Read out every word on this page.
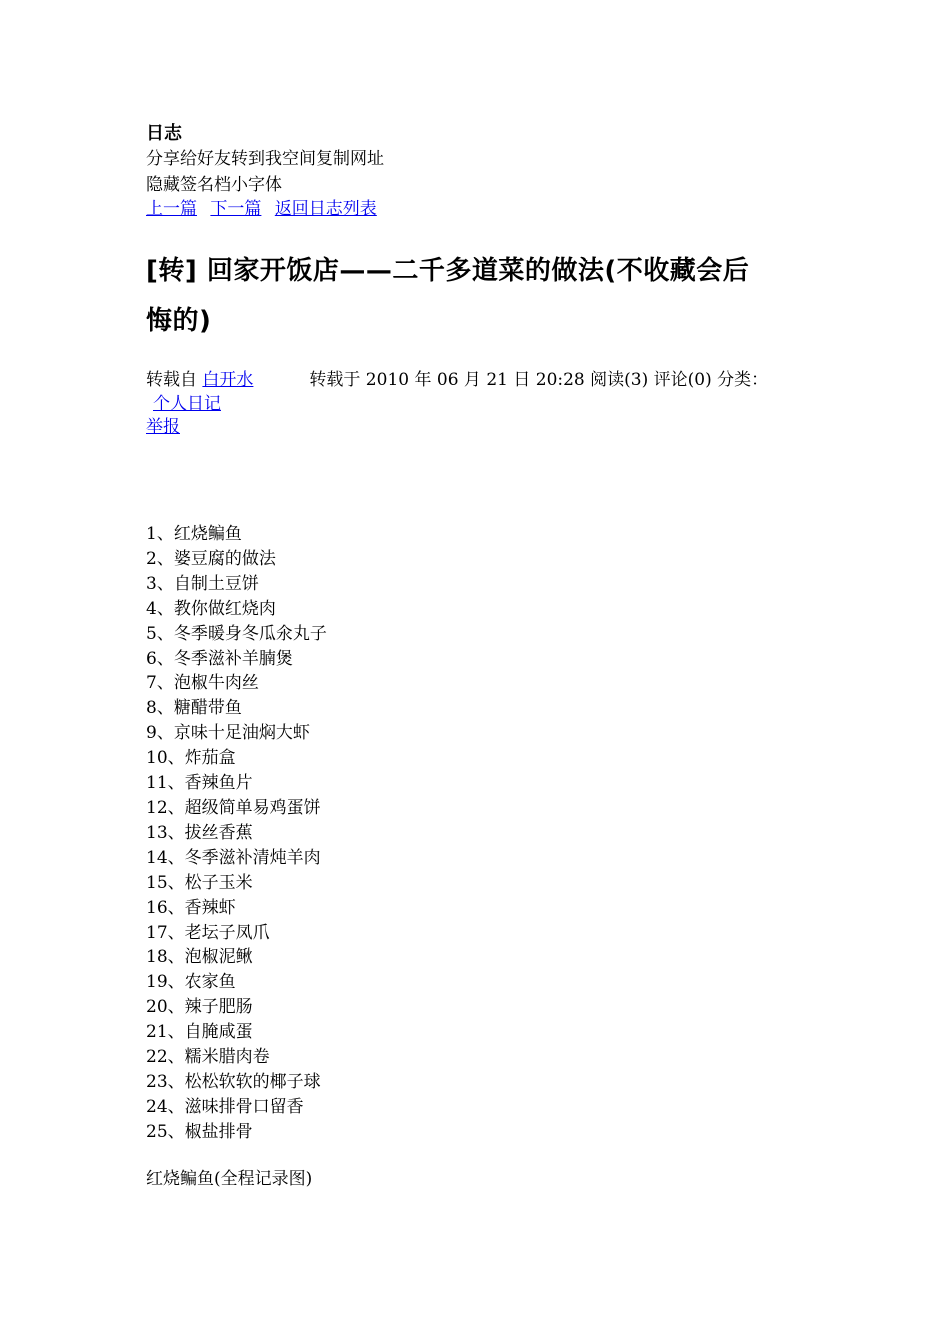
日志
分享给好友转到我空间复制网址
隐藏签名档小字体
上一篇 下一篇 返回日志列表
[转] 回家开饭店——二千多道菜的做法(不收藏会后
悔的)
转载自 白开水	转载于 2010 年 06 月 21 日 20:28 阅读(3) 评论(0) 分类：
个人日记
举报
1 、 红烧鳊鱼
2 、 婆豆腐的做法
3 、 自制土豆饼
4 、 教你做红烧肉
5 、 冬季暖身冬瓜氽丸子
6 、 冬季滋补羊腩煲
7 、 泡椒牛肉丝
8 、 糖醋带鱼
9 、 京味十足油焖大虾
10 、 炸茄盒
11 、 香辣鱼片
12 、 超级简单易鸡蛋饼
13 、 拔丝香蕉
14 、 冬季滋补清炖羊肉
15 、 松子玉米
16 、 香辣虾
17 、 老坛子凤爪
18 、 泡椒泥鳅
19 、 农家鱼
20 、 辣子肥肠
21 、 自腌咸蛋
22 、 糯米腊肉卷
23 、 松松软软的椰子球
24 、 滋味排骨口留香
25 、 椒盐排骨
红烧鳊鱼(全程记录图)
